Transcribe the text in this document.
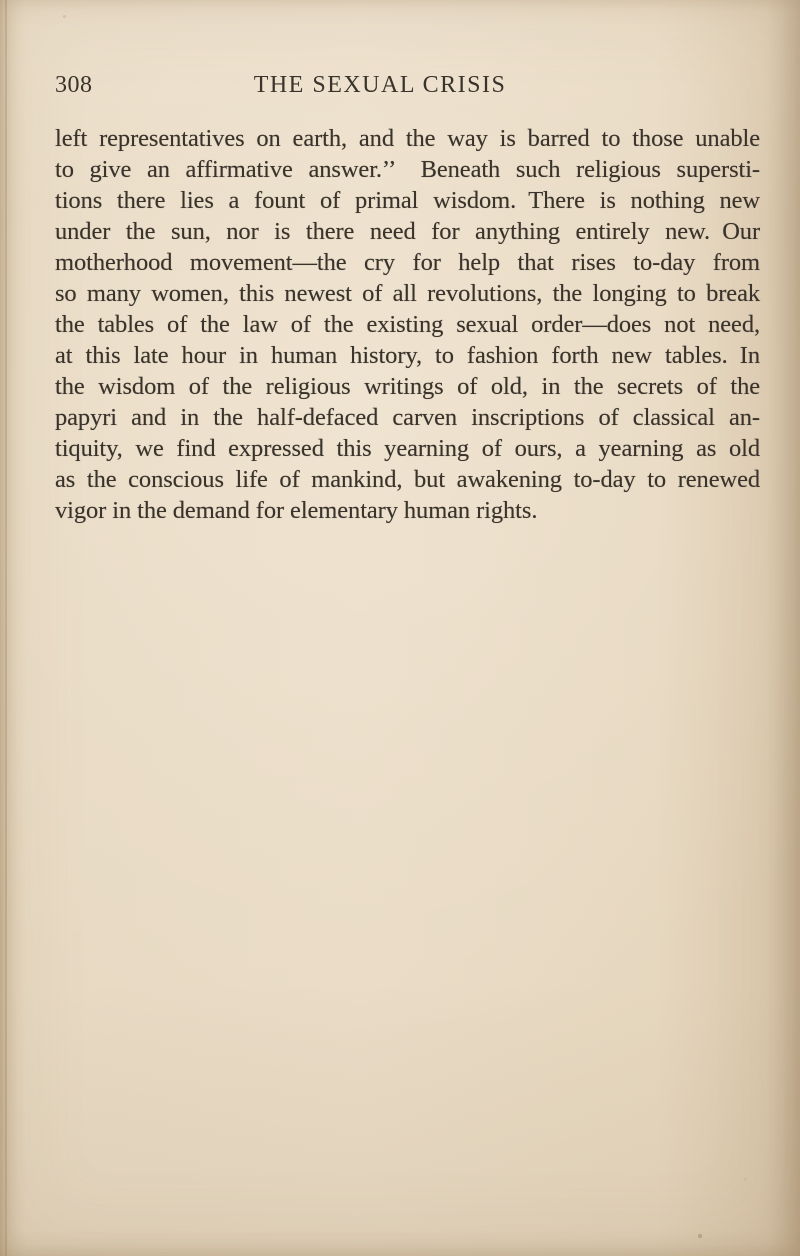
308	THE SEXUAL CRISIS
left representatives on earth, and the way is barred to those unable
to give an affirmative answer.’’ Beneath such religious supersti-
tions there lies a fount of primal wisdom. There is nothing new
under the sun, nor is there need for anything entirely new. Our
motherhood movement—the cry for help that rises to-day from
so many women, this newest of all revolutions, the longing to break
the tables of the law of the existing sexual order—does not need,
at this late hour in human history, to fashion forth new tables. In
the wisdom of the religious writings of old, in the secrets of the
papyri and in the half-defaced carven inscriptions of classical an-
tiquity, we find expressed this yearning of ours, a yearning as old
as the conscious life of mankind, but awakening to-day to renewed
vigor in the demand for elementary human rights.
